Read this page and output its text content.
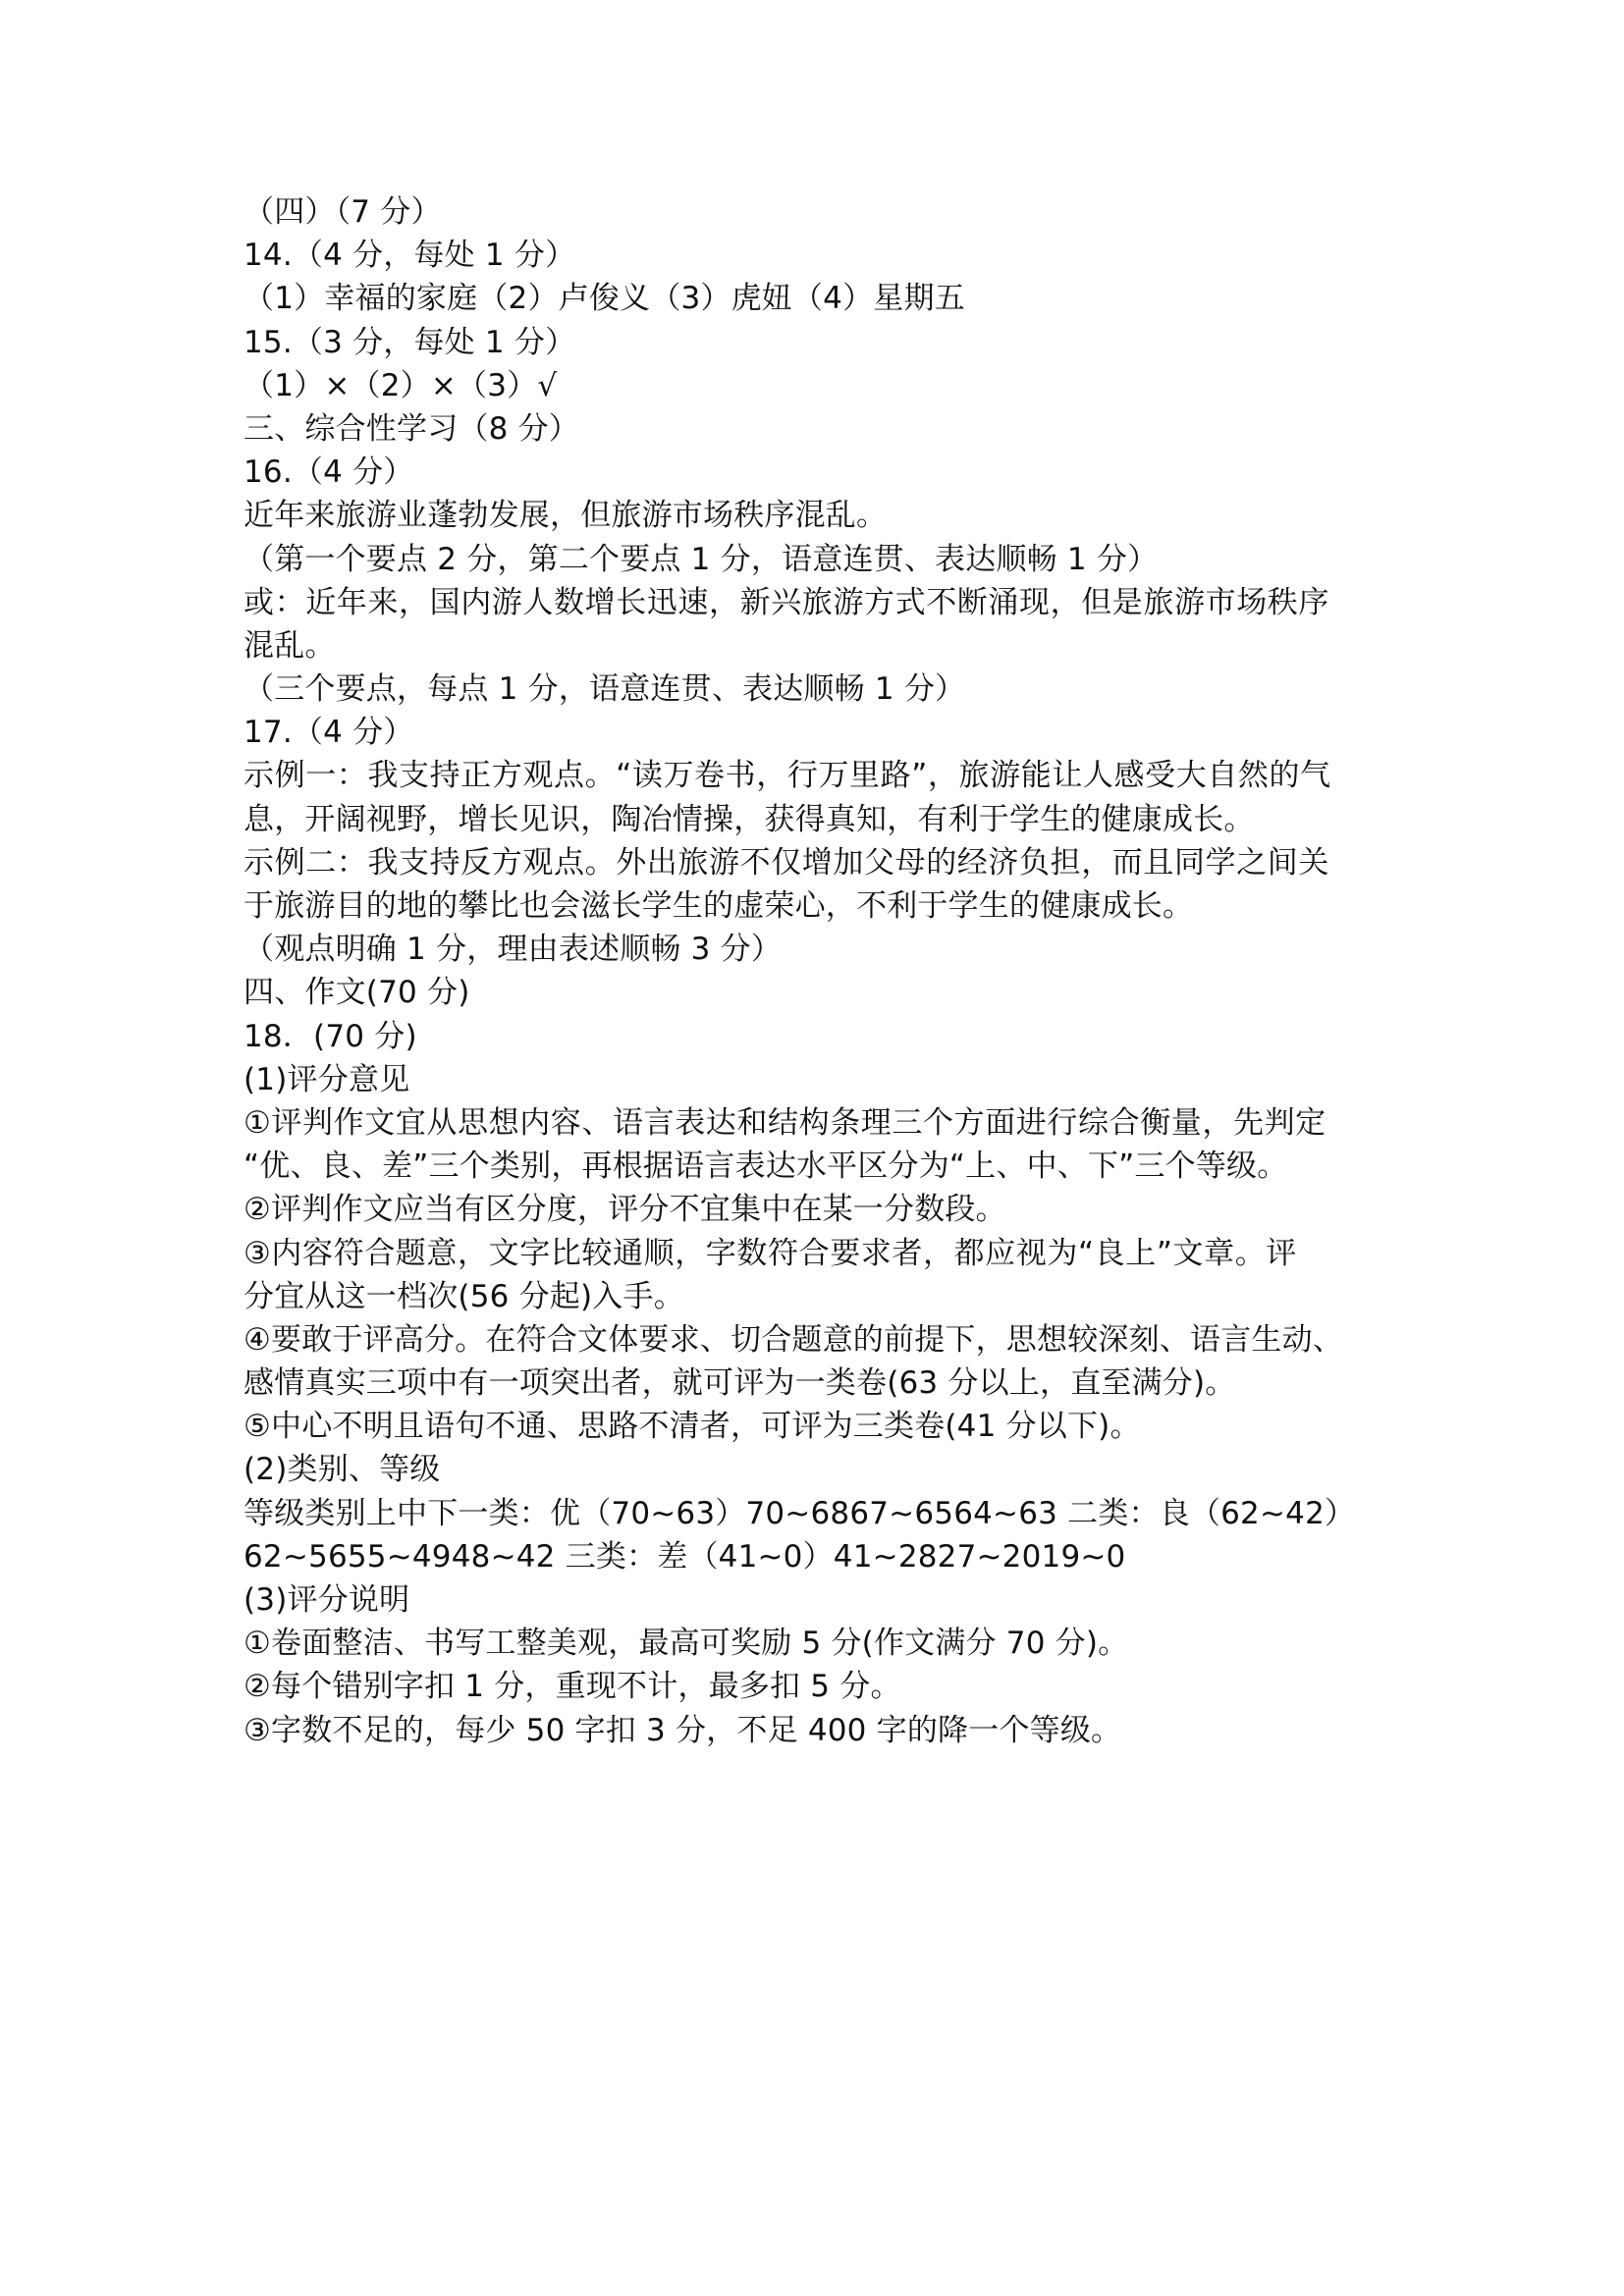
（四）（7 分）
14.（4 分，每处 1 分）
（1）幸福的家庭（2）卢俊义（3）虎妞（4）星期五
15.（3 分，每处 1 分）
（1）×（2）×（3）√
三、综合性学习（8 分）
16.（4 分）
近年来旅游业蓬勃发展，但旅游市场秩序混乱。
（第一个要点 2 分，第二个要点 1 分，语意连贯、表达顺畅 1 分）
或：近年来，国内游人数增长迅速，新兴旅游方式不断涌现，但是旅游市场秩序
混乱。
（三个要点，每点 1 分，语意连贯、表达顺畅 1 分）
17.（4 分）
示例一：我支持正方观点。“读万卷书，行万里路”，旅游能让人感受大自然的气
息，开阔视野，增长见识，陶冶情操，获得真知，有利于学生的健康成长。
示例二：我支持反方观点。外出旅游不仅增加父母的经济负担，而且同学之间关
于旅游目的地的攀比也会滋长学生的虚荣心，不利于学生的健康成长。
（观点明确 1 分，理由表述顺畅 3 分）
四、作文(70 分)
18．(70 分)
(1)评分意见
①评判作文宜从思想内容、语言表达和结构条理三个方面进行综合衡量，先判定
“优、良、差”三个类别，再根据语言表达水平区分为“上、中、下”三个等级。
②评判作文应当有区分度，评分不宜集中在某一分数段。
③内容符合题意，文字比较通顺，字数符合要求者，都应视为“良上”文章。评
分宜从这一档次(56 分起)入手。
④要敢于评高分。在符合文体要求、切合题意的前提下，思想较深刻、语言生动、
感情真实三项中有一项突出者，就可评为一类卷(63 分以上，直至满分)。
⑤中心不明且语句不通、思路不清者，可评为三类卷(41 分以下)。
(2)类别、等级
等级类别上中下一类：优（70~63）70~6867~6564~63 二类：良（62~42）
62~5655~4948~42 三类：差（41~0）41~2827~2019~0
(3)评分说明
①卷面整洁、书写工整美观，最高可奖励 5 分(作文满分 70 分)。
②每个错别字扣 1 分，重现不计，最多扣 5 分。
③字数不足的，每少 50 字扣 3 分，不足 400 字的降一个等级。
